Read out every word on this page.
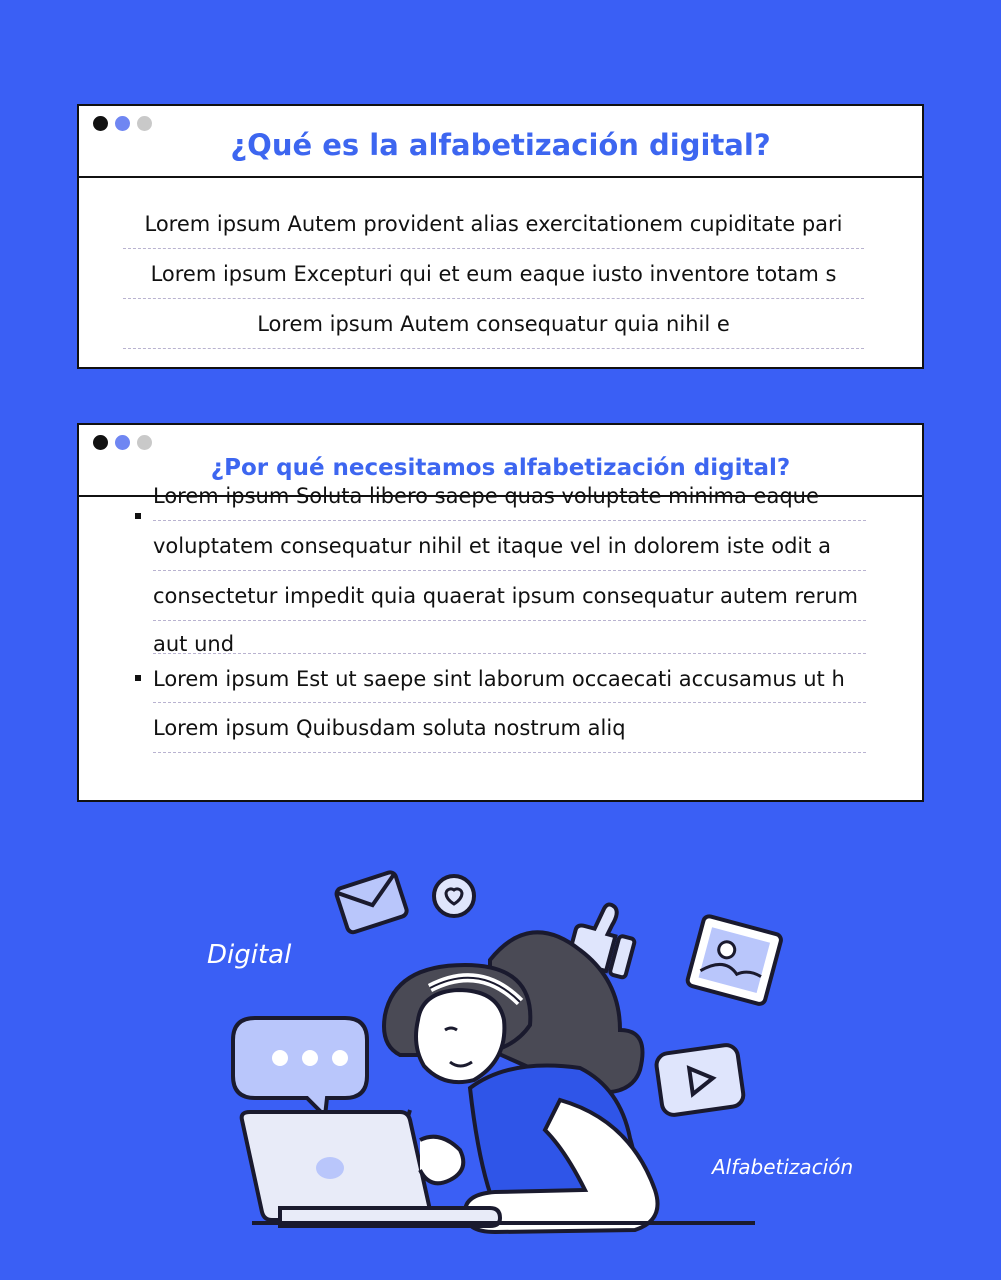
¿Qué es la alfabetización digital?
Lorem ipsum Autem provident alias exercitationem cupiditate pari
Lorem ipsum Excepturi qui et eum eaque iusto inventore totam s
Lorem ipsum Autem consequatur quia nihil e
¿Por qué necesitamos alfabetización digital?
Lorem ipsum Soluta libero saepe quas voluptate minima eaque
voluptatem consequatur nihil et itaque vel in dolorem iste odit a
consectetur impedit quia quaerat ipsum consequatur autem rerum
aut und
Lorem ipsum Est ut saepe sint laborum occaecati accusamus ut h
Lorem ipsum Quibusdam soluta nostrum aliq
Digital
Alfabetización
